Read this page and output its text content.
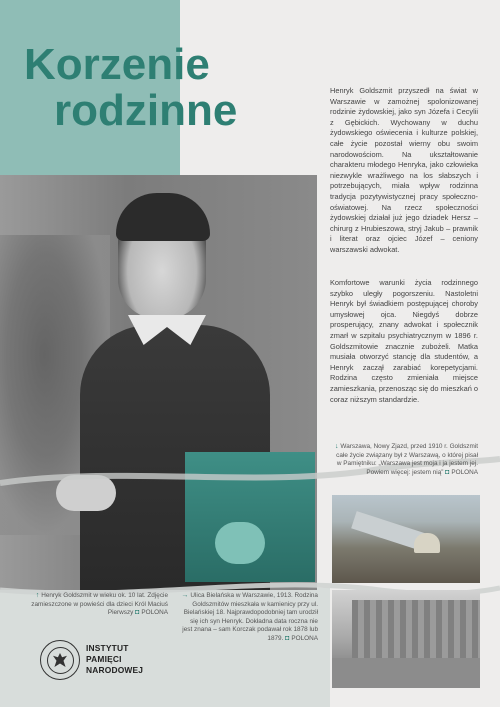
Korzenie
rodzinne	Henryk Goldszmit przyszedł na świat w Warszawie w zamożnej spolonizowanej rodzinie żydowskiej, jako syn Józefa i Cecylii z Gębickich. Wychowany w duchu żydowskiego oświecenia i kulturze polskiej, całe życie pozostał wierny obu swoim narodowościom. Na ukształtowanie charakteru młodego Henryka, jako człowieka niezwykle wrażliwego na los słabszych i potrzebujących, miała wpływ rodzinna tradycja pozytywistycznej pracy społeczno-oświatowej. Na rzecz społeczności żydowskiej działał już jego dziadek Hersz – chirurg z Hrubieszowa, stryj Jakub – prawnik i literat oraz ojciec Józef – ceniony warszawski adwokat.
Komfortowe warunki życia rodzinnego szybko uległy pogorszeniu. Nastoletni Henryk był świadkiem postępującej choroby umysłowej ojca. Niegdyś dobrze prosperujący, znany adwokat i społecznik zmarł w szpitalu psychiatrycznym w 1896 r. Goldszmitowie znacznie zubożeli. Matka musiała otworzyć stancję dla studentów, a Henryk zaczął zarabiać korepetycjami. Rodzina często zmieniała miejsce zamieszkania, przenosząc się do mieszkań o coraz niższym standardzie.
↓ Warszawa, Nowy Zjazd, przed 1910 r. Goldszmit całe życie związany był z Warszawą, o której pisał w Pamiętniku: „Warszawa jest moja i ja jestem jej. Powiem więcej: jestem nią” ◘ POLONA
↑ Henryk Goldszmit w wieku ok. 10 lat. Zdjęcie zamieszczone w powieści dla dzieci Król Maciuś Pierwszy ◘ POLONA
→ Ulica Bielańska w Warszawie, 1913. Rodzina Goldszmitów mieszkała w kamienicy przy ul. Bielańskiej 18. Najprawdopodobniej tam urodził się ich syn Henryk. Dokładna data roczna nie jest znana – sam Korczak podawał rok 1878 lub 1879. ◘ POLONA
INSTYTUT
PAMIĘCI
NARODOWEJ
